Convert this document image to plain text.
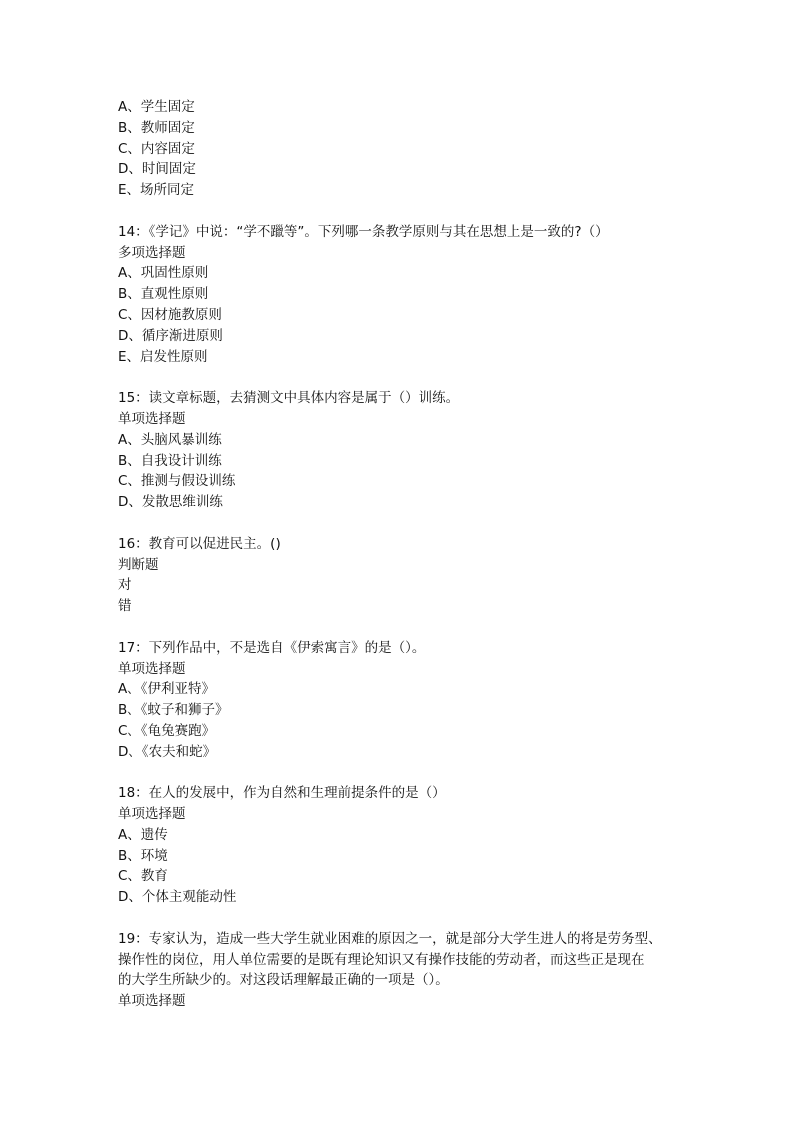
A、学生固定
B、教师固定
C、内容固定
D、时间固定
E、场所同定
14：《学记》中说：“学不躐等”。下列哪一条教学原则与其在思想上是一致的?（）
多项选择题
A、巩固性原则
B、直观性原则
C、因材施教原则
D、循序渐进原则
E、启发性原则
15：读文章标题，去猜测文中具体内容是属于（）训练。
单项选择题
A、头脑风暴训练
B、自我设计训练
C、推测与假设训练
D、发散思维训练
16：教育可以促进民主。()
判断题
对
错
17：下列作品中，不是选自《伊索寓言》的是（）。
单项选择题
A､《伊利亚特》
B､《蚊子和狮子》
C､《龟兔赛跑》
D､《农夫和蛇》
18：在人的发展中，作为自然和生理前提条件的是（）
单项选择题
A、遗传
B、环境
C、教育
D、个体主观能动性
19：专家认为，造成一些大学生就业困难的原因之一，就是部分大学生进人的将是劳务型、
操作性的岗位，用人单位需要的是既有理论知识又有操作技能的劳动者，而这些正是现在
的大学生所缺少的。对这段话理解最正确的一项是（）。
单项选择题
